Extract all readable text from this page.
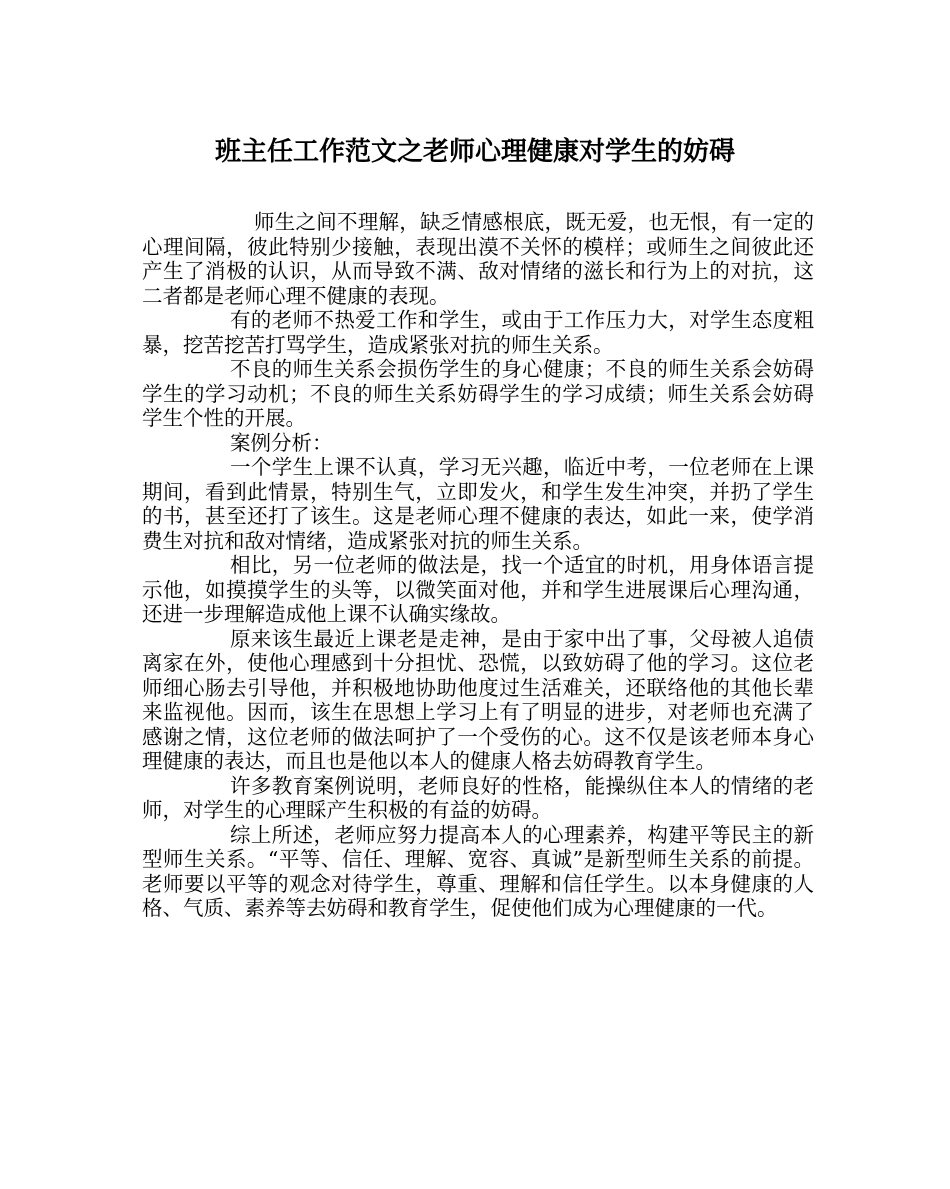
班主任工作范文之老师心理健康对学生的妨碍

师生之间不理解，缺乏情感根底，既无爱，也无恨，有一定的心理间隔，彼此特别少接触，表现出漠不关怀的模样；或师生之间彼此还产生了消极的认识，从而导致不满、敌对情绪的滋长和行为上的对抗，这二者都是老师心理不健康的表现。

有的老师不热爱工作和学生，或由于工作压力大，对学生态度粗暴，挖苦挖苦打骂学生，造成紧张对抗的师生关系。

不良的师生关系会损伤学生的身心健康；不良的师生关系会妨碍学生的学习动机；不良的师生关系妨碍学生的学习成绩；师生关系会妨碍学生个性的开展。

案例分析：

一个学生上课不认真，学习无兴趣，临近中考，一位老师在上课期间，看到此情景，特别生气，立即发火，和学生发生冲突，并扔了学生的书，甚至还打了该生。这是老师心理不健康的表达，如此一来，使学消费生对抗和敌对情绪，造成紧张对抗的师生关系。

相比，另一位老师的做法是，找一个适宜的时机，用身体语言提示他，如摸摸学生的头等，以微笑面对他，并和学生进展课后心理沟通，还进一步理解造成他上课不认确实缘故。

原来该生最近上课老是走神，是由于家中出了事，父母被人追债离家在外，使他心理感到十分担忧、恐慌，以致妨碍了他的学习。这位老师细心肠去引导他，并积极地协助他度过生活难关，还联络他的其他长辈来监视他。因而，该生在思想上学习上有了明显的进步，对老师也充满了感谢之情，这位老师的做法呵护了一个受伤的心。这不仅是该老师本身心理健康的表达，而且也是他以本人的健康人格去妨碍教育学生。

许多教育案例说明，老师良好的性格，能操纵住本人的情绪的老师，对学生的心理睬产生积极的有益的妨碍。

综上所述，老师应努力提高本人的心理素养，构建平等民主的新型师生关系。“平等、信任、理解、宽容、真诚”是新型师生关系的前提。老师要以平等的观念对待学生，尊重、理解和信任学生。以本身健康的人格、气质、素养等去妨碍和教育学生，促使他们成为心理健康的一代。
